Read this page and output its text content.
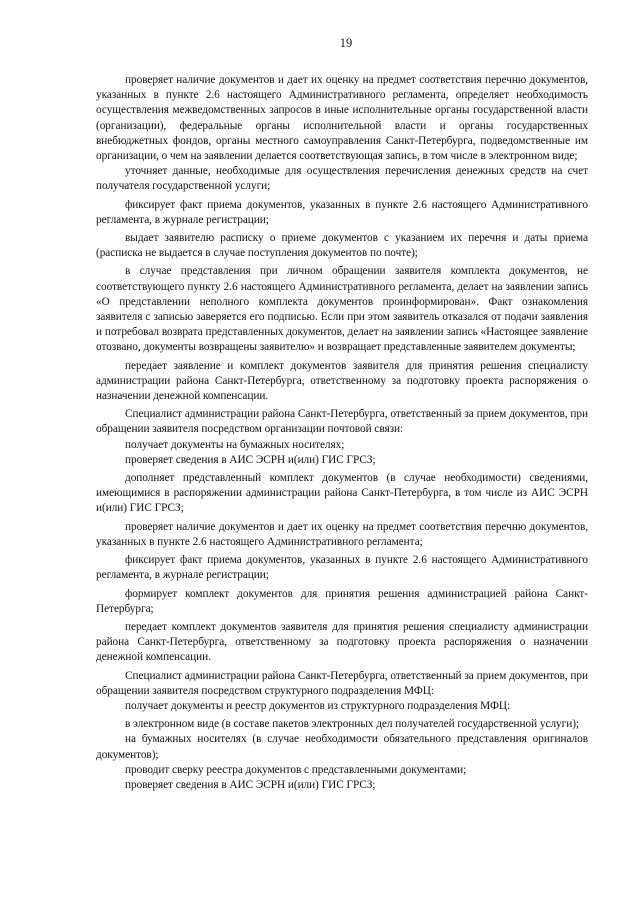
19

проверяет наличие документов и дает их оценку на предмет соответствия перечню документов, указанных в пункте 2.6 настоящего Административного регламента, определяет необходимость осуществления межведомственных запросов в иные исполнительные органы государственной власти (организации), федеральные органы исполнительной власти и органы государственных внебюджетных фондов, органы местного самоуправления Санкт-Петербурга, подведомственные им организации, о чем на заявлении делается соответствующая запись, в том числе в электронном виде;

уточняет данные, необходимые для осуществления перечисления денежных средств на счет получателя государственной услуги;

фиксирует факт приема документов, указанных в пункте 2.6 настоящего Административного регламента, в журнале регистрации;

выдает заявителю расписку о приеме документов с указанием их перечня и даты приема (расписка не выдается в случае поступления документов по почте);

в случае представления при личном обращении заявителя комплекта документов, не соответствующего пункту 2.6 настоящего Административного регламента, делает на заявлении запись «О представлении неполного комплекта документов проинформирован». Факт ознакомления заявителя с записью заверяется его подписью. Если при этом заявитель отказался от подачи заявления и потребовал возврата представленных документов, делает на заявлении запись «Настоящее заявление отозвано, документы возвращены заявителю» и возвращает представленные заявителем документы;

передает заявление и комплект документов заявителя для принятия решения специалисту администрации района Санкт-Петербурга, ответственному за подготовку проекта распоряжения о назначении денежной компенсации.

Специалист администрации района Санкт-Петербурга, ответственный за прием документов, при обращении заявителя посредством организации почтовой связи:

получает документы на бумажных носителях;

проверяет сведения в АИС ЭСРН и(или) ГИС ГРСЗ;

дополняет представленный комплект документов (в случае необходимости) сведениями, имеющимися в распоряжении администрации района Санкт-Петербурга, в том числе из АИС ЭСРН и(или) ГИС ГРСЗ;

проверяет наличие документов и дает их оценку на предмет соответствия перечню документов, указанных в пункте 2.6 настоящего Административного регламента;

фиксирует факт приема документов, указанных в пункте 2.6 настоящего Административного регламента, в журнале регистрации;

формирует комплект документов для принятия решения администрацией района Санкт-Петербурга;

передает комплект документов заявителя для принятия решения специалисту администрации района Санкт-Петербурга, ответственному за подготовку проекта распоряжения о назначении денежной компенсации.

Специалист администрации района Санкт-Петербурга, ответственный за прием документов, при обращении заявителя посредством структурного подразделения МФЦ:

получает документы и реестр документов из структурного подразделения МФЦ:

в электронном виде (в составе пакетов электронных дел получателей государственной услуги);

на бумажных носителях (в случае необходимости обязательного представления оригиналов документов);

проводит сверку реестра документов с представленными документами;

проверяет сведения в АИС ЭСРН и(или) ГИС ГРСЗ;
